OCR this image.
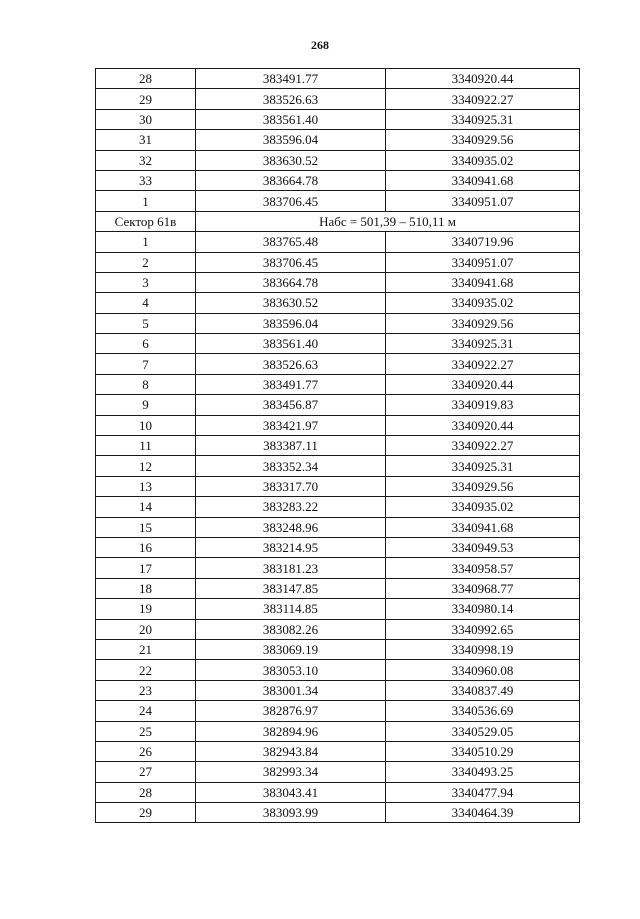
268
28	383491.77	3340920.44
29	383526.63	3340922.27
30	383561.40	3340925.31
31	383596.04	3340929.56
32	383630.52	3340935.02
33	383664.78	3340941.68
1	383706.45	3340951.07
Сектор 61в	Набс = 501,39 – 510,11 м	
1	383765.48	3340719.96
2	383706.45	3340951.07
3	383664.78	3340941.68
4	383630.52	3340935.02
5	383596.04	3340929.56
6	383561.40	3340925.31
7	383526.63	3340922.27
8	383491.77	3340920.44
9	383456.87	3340919.83
10	383421.97	3340920.44
11	383387.11	3340922.27
12	383352.34	3340925.31
13	383317.70	3340929.56
14	383283.22	3340935.02
15	383248.96	3340941.68
16	383214.95	3340949.53
17	383181.23	3340958.57
18	383147.85	3340968.77
19	383114.85	3340980.14
20	383082.26	3340992.65
21	383069.19	3340998.19
22	383053.10	3340960.08
23	383001.34	3340837.49
24	382876.97	3340536.69
25	382894.96	3340529.05
26	382943.84	3340510.29
27	382993.34	3340493.25
28	383043.41	3340477.94
29	383093.99	3340464.39
